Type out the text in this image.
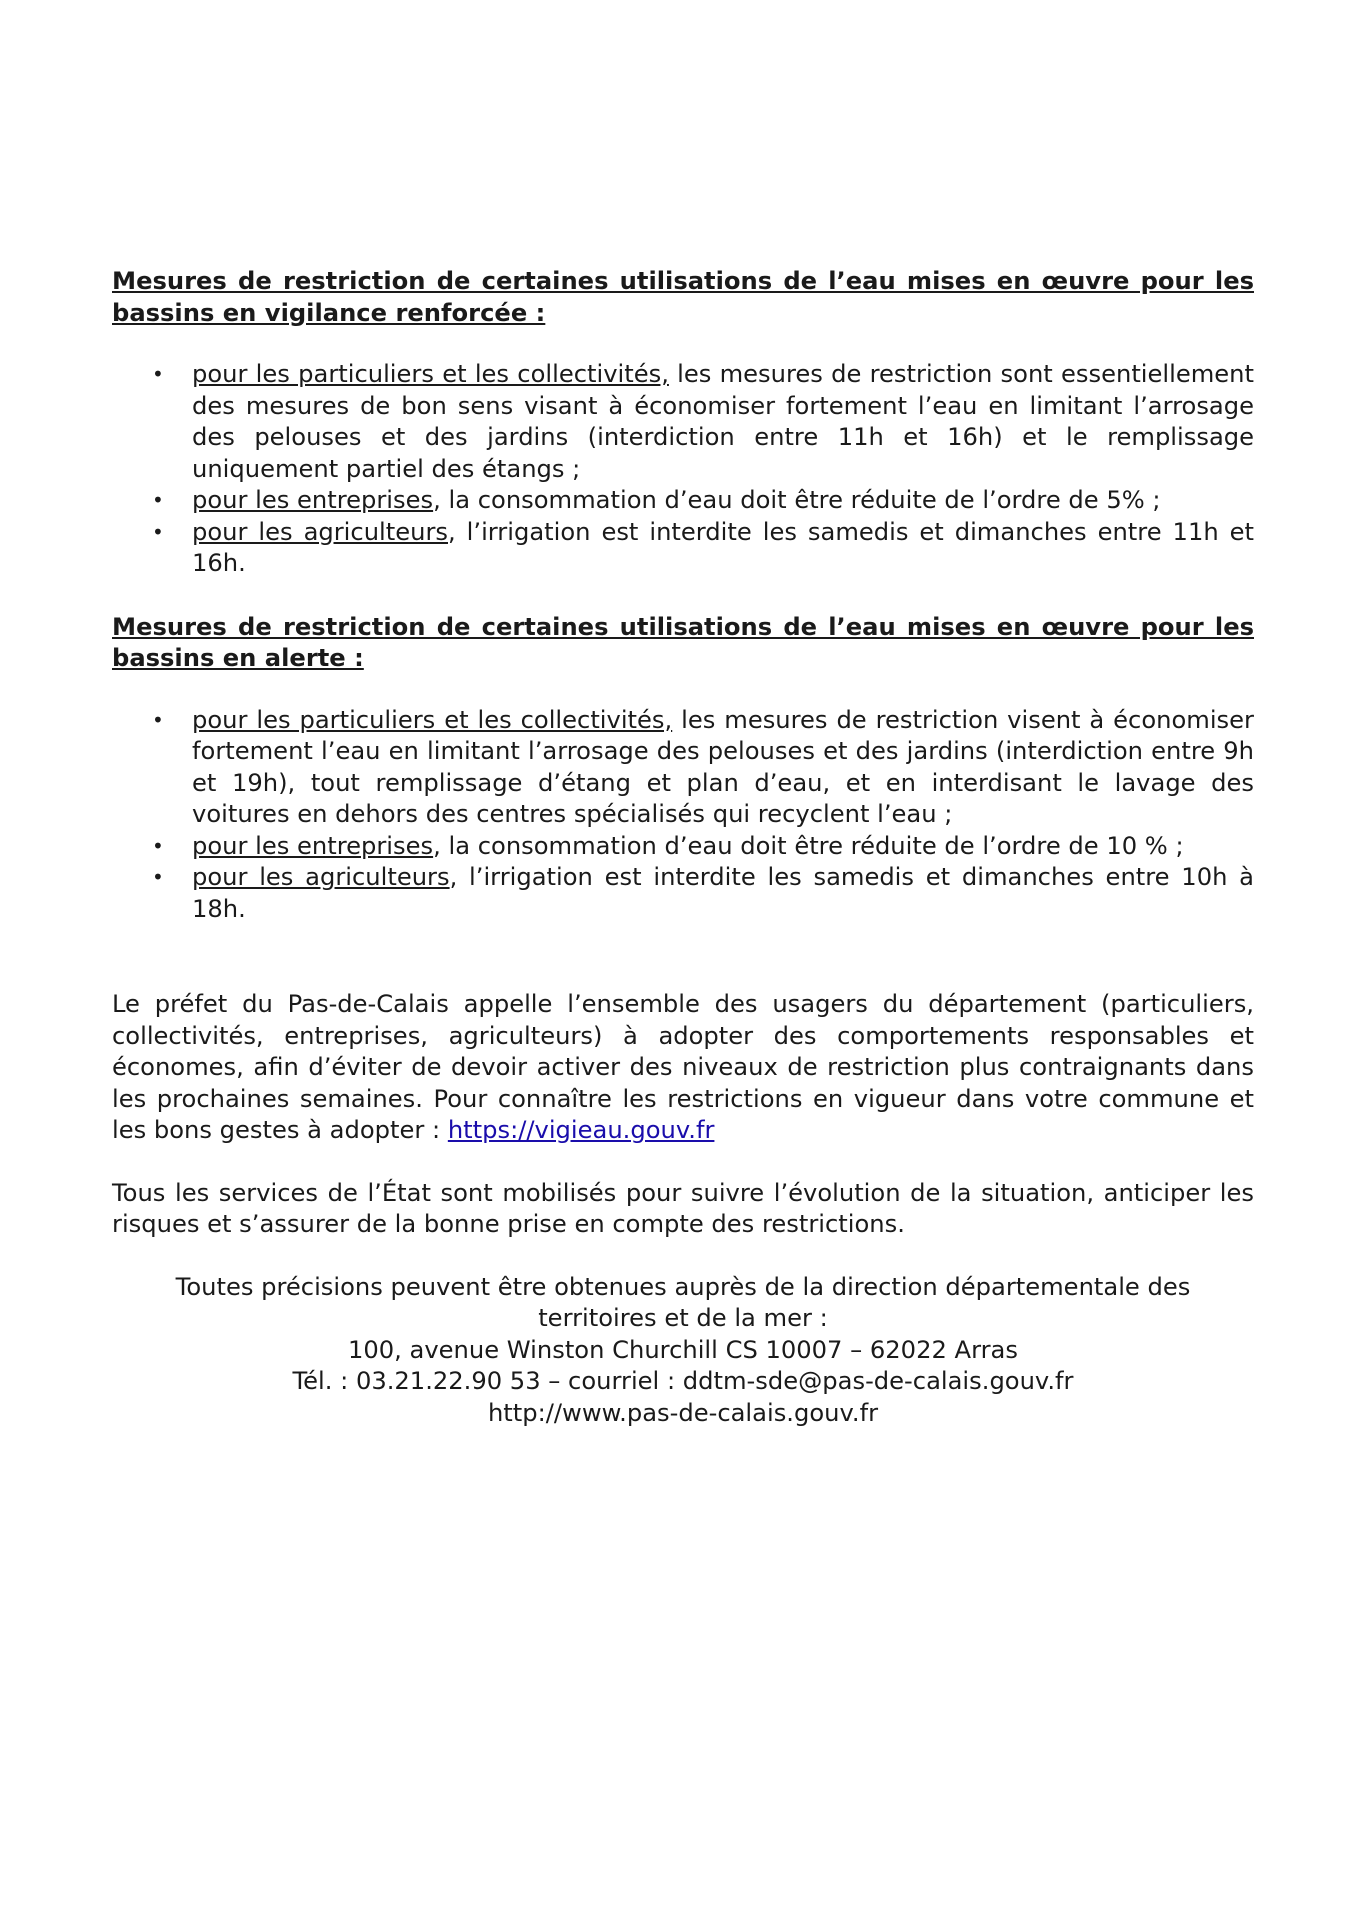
Mesures de restriction de certaines utilisations de l’eau mises en œuvre pour les bassins en vigilance renforcée :

• pour les particuliers et les collectivités, les mesures de restriction sont essentiellement des mesures de bon sens visant à économiser fortement l’eau en limitant l’arrosage des pelouses et des jardins (interdiction entre 11h et 16h) et le remplissage uniquement partiel des étangs ;
• pour les entreprises, la consommation d’eau doit être réduite de l’ordre de 5% ;
• pour les agriculteurs, l’irrigation est interdite les samedis et dimanches entre 11h et 16h.

Mesures de restriction de certaines utilisations de l’eau mises en œuvre pour les bassins en alerte :

• pour les particuliers et les collectivités, les mesures de restriction visent à économiser fortement l’eau en limitant l’arrosage des pelouses et des jardins (interdiction entre 9h et 19h), tout remplissage d’étang et plan d’eau, et en interdisant le lavage des voitures en dehors des centres spécialisés qui recyclent l’eau ;
• pour les entreprises, la consommation d’eau doit être réduite de l’ordre de 10 % ;
• pour les agriculteurs, l’irrigation est interdite les samedis et dimanches entre 10h à 18h.

Le préfet du Pas-de-Calais appelle l’ensemble des usagers du département (particuliers, collectivités, entreprises, agriculteurs) à adopter des comportements responsables et économes, afin d’éviter de devoir activer des niveaux de restriction plus contraignants dans les prochaines semaines. Pour connaître les restrictions en vigueur dans votre commune et les bons gestes à adopter : https://vigieau.gouv.fr

Tous les services de l’État sont mobilisés pour suivre l’évolution de la situation, anticiper les risques et s’assurer de la bonne prise en compte des restrictions.

Toutes précisions peuvent être obtenues auprès de la direction départementale des territoires et de la mer :
100, avenue Winston Churchill CS 10007 – 62022 Arras
Tél. : 03.21.22.90 53 – courriel : ddtm-sde@pas-de-calais.gouv.fr
http://www.pas-de-calais.gouv.fr
